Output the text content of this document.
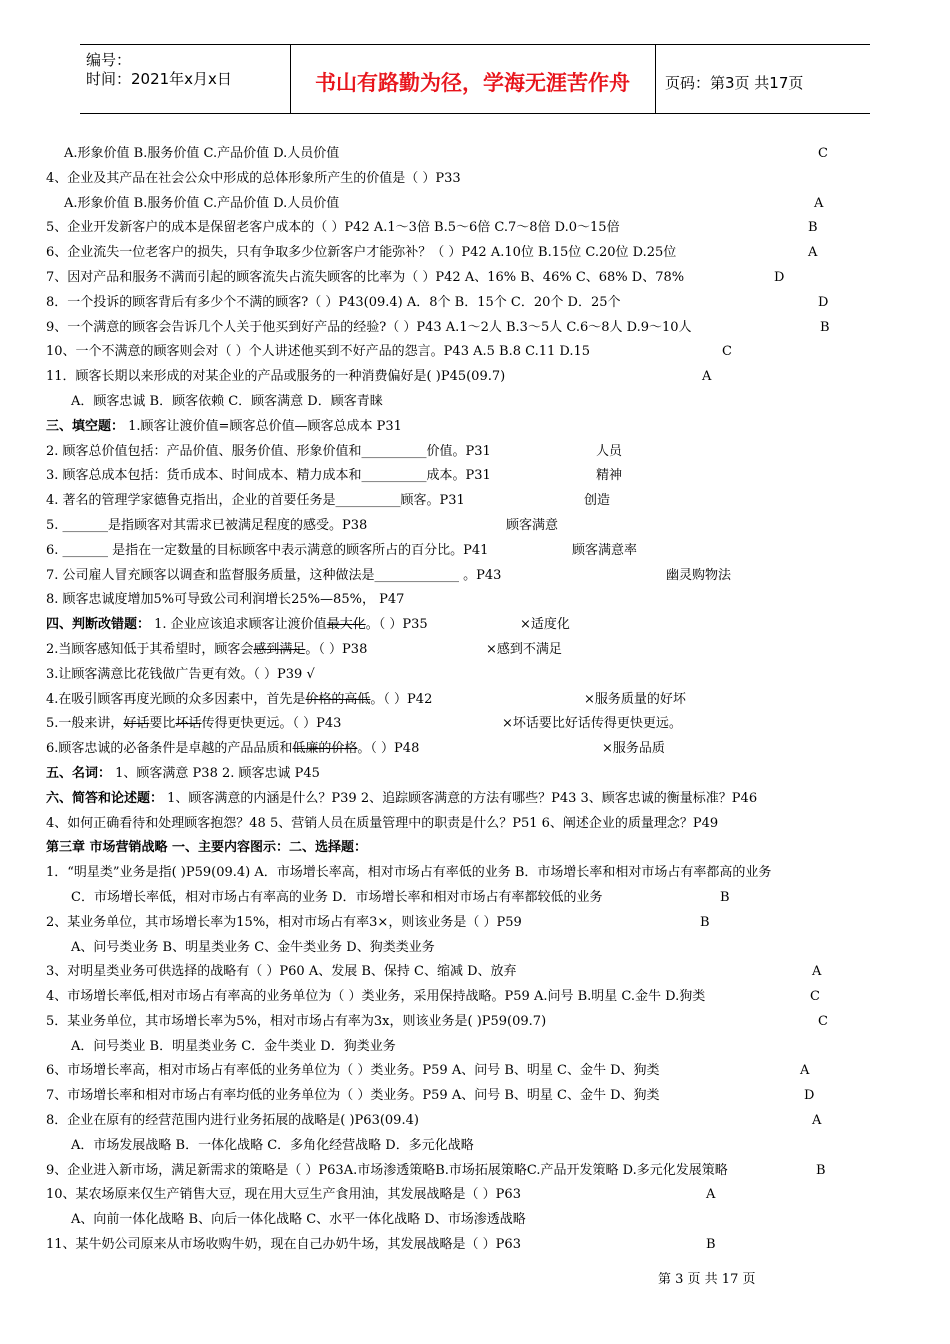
编号：
时间：2021年x月x日	书山有路勤为径，学海无涯苦作舟	页码：第3页 共17页
A.形象价值 B.服务价值 C.产品价值 D.人员价值	C
4、企业及其产品在社会公众中形成的总体形象所产生的价值是（ ）P33
A.形象价值 B.服务价值 C.产品价值 D.人员价值	A
5、企业开发新客户的成本是保留老客户成本的（ ）P42 A.1～3倍 B.5～6倍 C.7～8倍 D.0～15倍	B
6、企业流失一位老客户的损失，只有争取多少位新客户才能弥补？（ ）P42 A.10位 B.15位 C.20位 D.25位	A
7、因对产品和服务不满而引起的顾客流失占流失顾客的比率为（ ）P42 A、16% B、46% C、68% D、78%	D
8．一个投诉的顾客背后有多少个不满的顾客?（ ）P43(09.4) A．8个 B．15个 C．20个 D．25个	D
9、一个满意的顾客会告诉几个人关于他买到好产品的经验?（ ）P43 A.1～2人 B.3～5人 C.6～8人 D.9～10人	B
10、一个不满意的顾客则会对（ ）个人讲述他买到不好产品的怨言。P43 A.5 B.8 C.11 D.15	C
11．顾客长期以来形成的对某企业的产品或服务的一种消费偏好是( )P45(09.7)	A
A．顾客忠诚 B．顾客依赖 C．顾客满意 D．顾客青睐
三、填空题： 1.顾客让渡价值=顾客总价值—顾客总成本 P31
2. 顾客总价值包括：产品价值、服务价值、形象价值和__________价值。P31	人员
3. 顾客总成本包括：货币成本、时间成本、精力成本和__________成本。P31	精神
4. 著名的管理学家德鲁克指出，企业的首要任务是__________顾客。P31	创造
5. _______是指顾客对其需求已被满足程度的感受。P38	顾客满意
6. _______ 是指在一定数量的目标顾客中表示满意的顾客所占的百分比。P41	顾客满意率
7. 公司雇人冒充顾客以调查和监督服务质量，这种做法是_____________ 。P43	幽灵购物法
8. 顾客忠诚度增加5%可导致公司利润增长25%—85%， P47
四、判断改错题： 1. 企业应该追求顾客让渡价值最大化。（ ）P35	×适度化
2.当顾客感知低于其希望时，顾客会感到满足。（ ）P38	×感到不满足
3.让顾客满意比花钱做广告更有效。（ ）P39 √
4.在吸引顾客再度光顾的众多因素中，首先是价格的高低。（ ）P42	×服务质量的好坏
5.一般来讲，好话要比坏话传得更快更远。（ ）P43	×坏话要比好话传得更快更远。
6.顾客忠诚的必备条件是卓越的产品品质和低廉的价格。（ ）P48	×服务品质
五、名词： 1、顾客满意 P38 2. 顾客忠诚 P45
六、简答和论述题： 1、顾客满意的内涵是什么？P39 2、追踪顾客满意的方法有哪些？P43 3、顾客忠诚的衡量标准？P46
4、如何正确看待和处理顾客抱怨？48 5、营销人员在质量管理中的职责是什么？P51 6、阐述企业的质量理念？P49
第三章 市场营销战略 一、主要内容图示：二、选择题：
1．“明星类”业务是指( )P59(09.4) A．市场增长率高，相对市场占有率低的业务 B．市场增长率和相对市场占有率都高的业务
C．市场增长率低，相对市场占有率高的业务 D．市场增长率和相对市场占有率都较低的业务	B
2、某业务单位，其市场增长率为15%，相对市场占有率3×，则该业务是（ ）P59	B
A、问号类业务 B、明星类业务 C、金牛类业务 D、狗类类业务
3、对明星类业务可供选择的战略有（ ）P60 A、发展 B、保持 C、缩减 D、放弃	A
4、市场增长率低,相对市场占有率高的业务单位为（ ）类业务，采用保持战略。P59 A.问号 B.明星 C.金牛 D.狗类	C
5．某业务单位，其市场增长率为5%，相对市场占有率为3x，则该业务是( )P59(09.7)	C
A．问号类业 B．明星类业务 C．金牛类业 D．狗类业务
6、市场增长率高，相对市场占有率低的业务单位为（ ）类业务。P59 A、问号 B、明星 C、金牛 D、狗类	A
7、市场增长率和相对市场占有率均低的业务单位为（ ）类业务。P59 A、问号 B、明星 C、金牛 D、狗类	D
8．企业在原有的经营范围内进行业务拓展的战略是( )P63(09.4)	A
A．市场发展战略 B．一体化战略 C．多角化经营战略 D．多元化战略
9、企业进入新市场，满足新需求的策略是（ ）P63A.市场渗透策略B.市场拓展策略C.产品开发策略 D.多元化发展策略	B
10、某农场原来仅生产销售大豆，现在用大豆生产食用油，其发展战略是（ ）P63	A
A、向前一体化战略 B、向后一体化战略 C、水平一体化战略 D、市场渗透战略
11、某牛奶公司原来从市场收购牛奶，现在自己办奶牛场，其发展战略是（ ）P63	B
第 3 页 共 17 页
